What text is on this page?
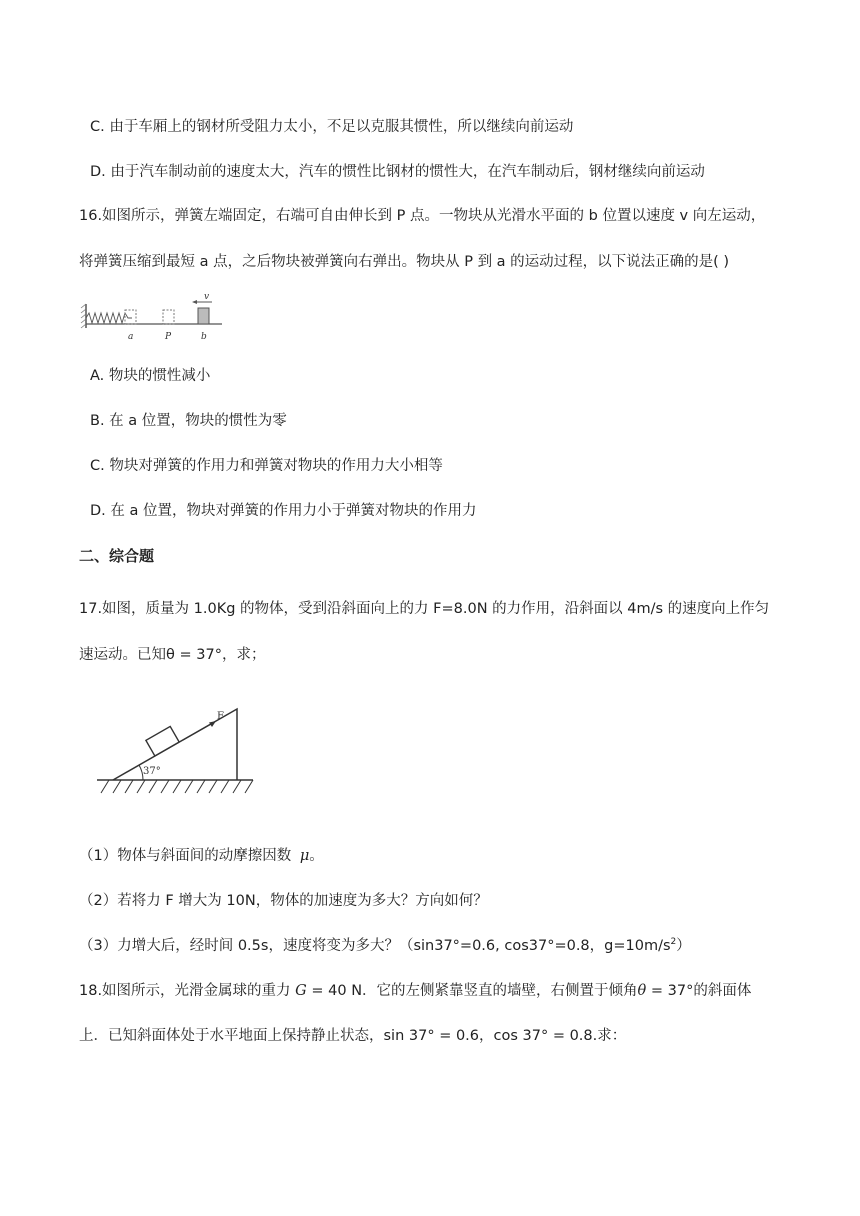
C. 由于车厢上的钢材所受阻力太小，不足以克服其惯性，所以继续向前运动
D. 由于汽车制动前的速度太大，汽车的惯性比钢材的惯性大，在汽车制动后，钢材继续向前运动
16.如图所示，弹簧左端固定，右端可自由伸长到 P 点。一物块从光滑水平面的 b 位置以速度 v 向左运动，
将弹簧压缩到最短 a 点，之后物块被弹簧向右弹出。物块从 P 到 a 的运动过程，以下说法正确的是( )
v
a	P	b
A. 物块的惯性减小
B. 在 a 位置，物块的惯性为零
C. 物块对弹簧的作用力和弹簧对物块的作用力大小相等
D. 在 a 位置，物块对弹簧的作用力小于弹簧对物块的作用力
二、综合题
17.如图，质量为 1.0Kg 的物体，受到沿斜面向上的力 F=8.0N 的力作用，沿斜面以 4m/s 的速度向上作匀
速运动。已知θ = 37°，求；
37°
F
（1）物体与斜面间的动摩擦因数 μ。
（2）若将力 F 增大为 10N，物体的加速度为多大？方向如何？
（3）力增大后，经时间 0.5s，速度将变为多大？（sin37°=0.6, cos37°=0.8，$g=10m/s^2$）
18.如图所示，光滑金属球的重力 G = 40 N．它的左侧紧靠竖直的墙壁，右侧置于倾角θ = 37°的斜面体
上．已知斜面体处于水平地面上保持静止状态，sin 37° = 0.6，cos 37° = 0.8.求：
